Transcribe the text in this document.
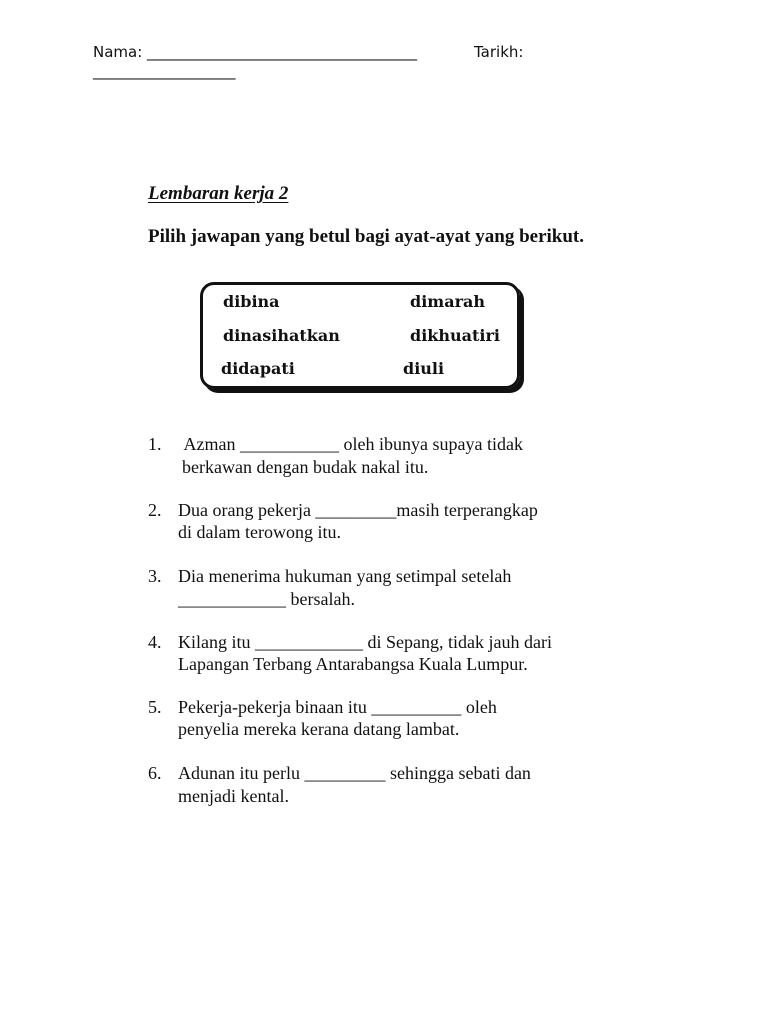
Nama: ____________________________________	Tarikh:
___________________
Lembaran kerja 2
Pilih jawapan yang betul bagi ayat-ayat yang berikut.
dibina	dimarah
dinasihatkan	dikhuatiri
didapati	diuli
1. Azman ___________ oleh ibunya supaya tidak
berkawan dengan budak nakal itu.
2. Dua orang pekerja _________masih terperangkap
di dalam terowong itu.
3. Dia menerima hukuman yang setimpal setelah
____________ bersalah.
4. Kilang itu ____________ di Sepang, tidak jauh dari
Lapangan Terbang Antarabangsa Kuala Lumpur.
5. Pekerja-pekerja binaan itu __________ oleh
penyelia mereka kerana datang lambat.
6. Adunan itu perlu _________ sehingga sebati dan
menjadi kental.
